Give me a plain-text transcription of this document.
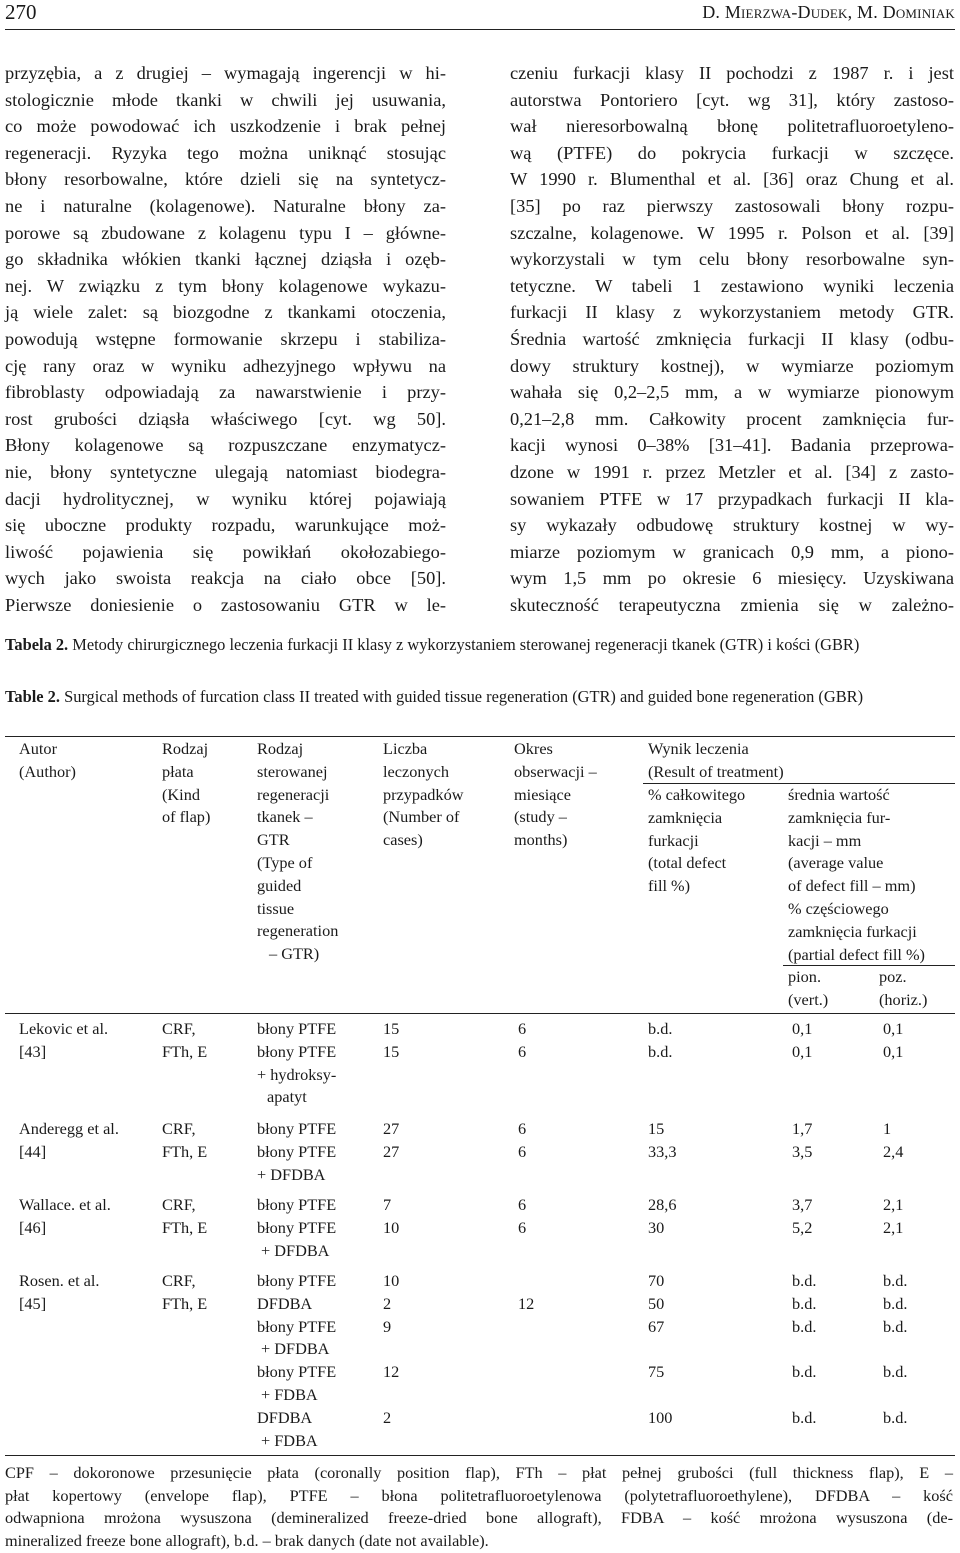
270	D. Mierzwa-Dudek, M. Dominiak
przyzębia, a z drugiej – wymagają ingerencji w hi-
stologicznie młode tkanki w chwili jej usuwania,
co może powodować ich uszkodzenie i brak pełnej
regeneracji. Ryzyka tego można uniknąć stosując
błony resorbowalne, które dzieli się na syntetycz-
ne i naturalne (kolagenowe). Naturalne błony za-
porowe są zbudowane z kolagenu typu I – główne-
go składnika włókien tkanki łącznej dziąsła i ozęb-
nej. W związku z tym błony kolagenowe wykazu-
ją wiele zalet: są biozgodne z tkankami otoczenia,
powodują wstępne formowanie skrzepu i stabiliza-
cję rany oraz w wyniku adhezyjnego wpływu na
fibroblasty odpowiadają za nawarstwienie i przy-
rost grubości dziąsła właściwego [cyt. wg 50].
Błony kolagenowe są rozpuszczane enzymatycz-
nie, błony syntetyczne ulegają natomiast biodegra-
dacji hydrolitycznej, w wyniku której pojawiają
się uboczne produkty rozpadu, warunkujące moż-
liwość pojawienia się powikłań okołozabiego-
wych jako swoista reakcja na ciało obce [50].
Pierwsze doniesienie o zastosowaniu GTR w le-
czeniu furkacji klasy II pochodzi z 1987 r. i jest
autorstwa Pontoriero [cyt. wg 31], który zastoso-
wał nieresorbowalną błonę politetrafluoroetyleno-
wą (PTFE) do pokrycia furkacji w szczęce.
W 1990 r. Blumenthal et al. [36] oraz Chung et al.
[35] po raz pierwszy zastosowali błony rozpu-
szczalne, kolagenowe. W 1995 r. Polson et al. [39]
wykorzystali w tym celu błony resorbowalne syn-
tetyczne. W tabeli 1 zestawiono wyniki leczenia
furkacji II klasy z wykorzystaniem metody GTR.
Średnia wartość zmknięcia furkacji II klasy (odbu-
dowy struktury kostnej), w wymiarze poziomym
wahała się 0,2–2,5 mm, a w wymiarze pionowym
0,21–2,8 mm. Całkowity procent zamknięcia fur-
kacji wynosi 0–38% [31–41]. Badania przeprowa-
dzone w 1991 r. przez Metzler et al. [34] z zasto-
sowaniem PTFE w 17 przypadkach furkacji II kla-
sy wykazały odbudowę struktury kostnej w wy-
miarze poziomym w granicach 0,9 mm, a piono-
wym 1,5 mm po okresie 6 miesięcy. Uzyskiwana
skuteczność terapeutyczna zmienia się w zależno-
Tabela 2. Metody chirurgicznego leczenia furkacji II klasy z wykorzystaniem sterowanej regeneracji tkanek (GTR) i kości (GBR)
Table 2. Surgical methods of furcation class II treated with guided tissue regeneration (GTR) and guided bone regeneration (GBR)
Autor
(Author)
Rodzaj
płata
(Kind
of flap)
Rodzaj
sterowanej
regeneracji
tkanek –
GTR
(Type of
guided
tissue
regeneration
– GTR)
Liczba
leczonych
przypadków
(Number of
cases)
Okres
obserwacji –
miesiące
(study –
months)
Wynik leczenia
(Result of treatment)
% całkowitego
zamknięcia
furkacji
(total defect
fill %)
średnia wartość
zamknięcia fur-
kacji – mm
(average value
of defect fill – mm)
% częściowego
zamknięcia furkacji
(partial defect fill %)
pion.
(vert.)
poz.
(horiz.)
Lekovic et al.
[43]
CRF,
FTh, E
błony PTFE
błony PTFE
+ hydroksy-
apatyt
15
15
6
6
b.d.
b.d.
0,1
0,1
0,1
0,1
Anderegg et al.
[44]
CRF,
FTh, E
błony PTFE
błony PTFE
+ DFDBA
27
27
6
6
15
33,3
1,7
3,5
1
2,4
Wallace. et al.
[46]
CRF,
FTh, E
błony PTFE
błony PTFE
+ DFDBA
7
10
6
6
28,6
30
3,7
5,2
2,1
2,1
Rosen. et al.
[45]
CRF,
FTh, E
błony PTFE
DFDBA
błony PTFE
+ DFDBA
błony PTFE
+ FDBA
DFDBA
+ FDBA
10
2
9
12
2
12
70
50
67
75
100
b.d.
b.d.
b.d.
b.d.
b.d.
b.d.
b.d.
b.d.
b.d.
b.d.
CPF – dokoronowe przesunięcie płata (coronally position flap), FTh – płat pełnej grubości (full thickness flap), E –
płat kopertowy (envelope flap), PTFE – błona politetrafluoroetylenowa (polytetrafluoroethylene), DFDBA – kość
odwapniona mrożona wysuszona (demineralized freeze-dried bone allograft), FDBA – kość mrożona wysuszona (de-
mineralized freeze bone allograft), b.d. – brak danych (date not available).
